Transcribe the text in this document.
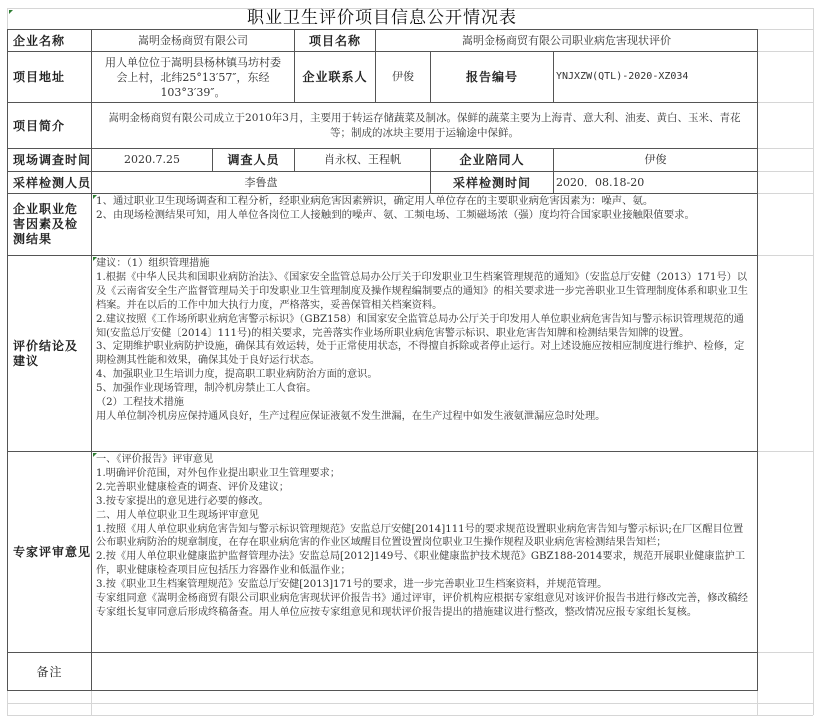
职业卫生评价项目信息公开情况表
企业名称	嵩明金杨商贸有限公司	项目名称	嵩明金杨商贸有限公司职业病危害现状评价
项目地址
用人单位位于嵩明县杨林镇马坊村委会上村，北纬25°13′57″，东经103°3′39″。
企业联系人	伊俊	报告编号	YNJXZW(QTL)-2020-XZ034
项目简介
嵩明金杨商贸有限公司成立于2010年3月，主要用于转运存储蔬菜及制冰。保鲜的蔬菜主要为上海青、意大利、油麦、黄白、玉米、青花等；制成的冰块主要用于运输途中保鲜。
现场调查时间	2020.7.25	调查人员	肖永权、王程帆	企业陪同人	伊俊
采样检测人员	李鲁盘	采样检测时间	2020．08.18-20
企业职业危害因素及检测结果
1、通过职业卫生现场调查和工程分析，经职业病危害因素辨识，确定用人单位存在的主要职业病危害因素为：噪声、氨。
2、由现场检测结果可知，用人单位各岗位工人接触到的噪声、氨、工频电场、工频磁场浓（强）度均符合国家职业接触限值要求。
评价结论及建议
建议：（1）组织管理措施
1.根据《中华人民共和国职业病防治法》、《国家安全监管总局办公厅关于印发职业卫生档案管理规范的通知》（安监总厅安健（2013）171号）以及《云南省安全生产监督管理局关于印发职业卫生管理制度及操作规程编制要点的通知》的相关要求进一步完善职业卫生管理制度体系和职业卫生档案。并在以后的工作中加大执行力度，严格落实，妥善保管相关档案资料。
2.建议按照《工作场所职业病危害警示标识》（GBZ158）和国家安全监管总局办公厅关于印发用人单位职业病危害告知与警示标识管理规范的通知(安监总厅安健〔2014〕111号)的相关要求，完善落实作业场所职业病危害警示标识、职业危害告知牌和检测结果告知牌的设置。
3、定期维护职业病防护设施，确保其有效运转，处于正常使用状态，不得擅自拆除或者停止运行。对上述设施应按相应制度进行维护、检修，定期检测其性能和效果，确保其处于良好运行状态。
4、加强职业卫生培训力度，提高职工职业病防治方面的意识。
5、加强作业现场管理，制冷机房禁止工人食宿。
（2）工程技术措施
用人单位制冷机房应保持通风良好，生产过程应保证液氨不发生泄漏，在生产过程中如发生液氨泄漏应急时处理。
专家评审意见
一、《评价报告》评审意见
1.明确评价范围，对外包作业提出职业卫生管理要求；
2.完善职业健康检查的调查、评价及建议；
3.按专家提出的意见进行必要的修改。
二、用人单位职业卫生现场评审意见
1.按照《用人单位职业病危害告知与警示标识管理规范》安监总厅安健[2014]111号的要求规范设置职业病危害告知与警示标识;在厂区醒目位置公布职业病防治的规章制度，在存在职业病危害的作业区域醒目位置设置岗位职业卫生操作规程及职业病危害检测结果告知栏；
2.按《用人单位职业健康监护监督管理办法》安监总局[2012]149号、《职业健康监护技术规范》GBZ188-2014要求，规范开展职业健康监护工作，职业健康检查项目应包括压力容器作业和低温作业；
3.按《职业卫生档案管理规范》安监总厅安健[2013]171号的要求，进一步完善职业卫生档案资料，并规范管理。
专家组同意《嵩明金杨商贸有限公司职业病危害现状评价报告书》通过评审，评价机构应根据专家组意见对该评价报告书进行修改完善，修改稿经专家组长复审同意后形成终稿备查。用人单位应按专家组意见和现状评价报告提出的措施建议进行整改，整改情况应报专家组长复核。
备注
